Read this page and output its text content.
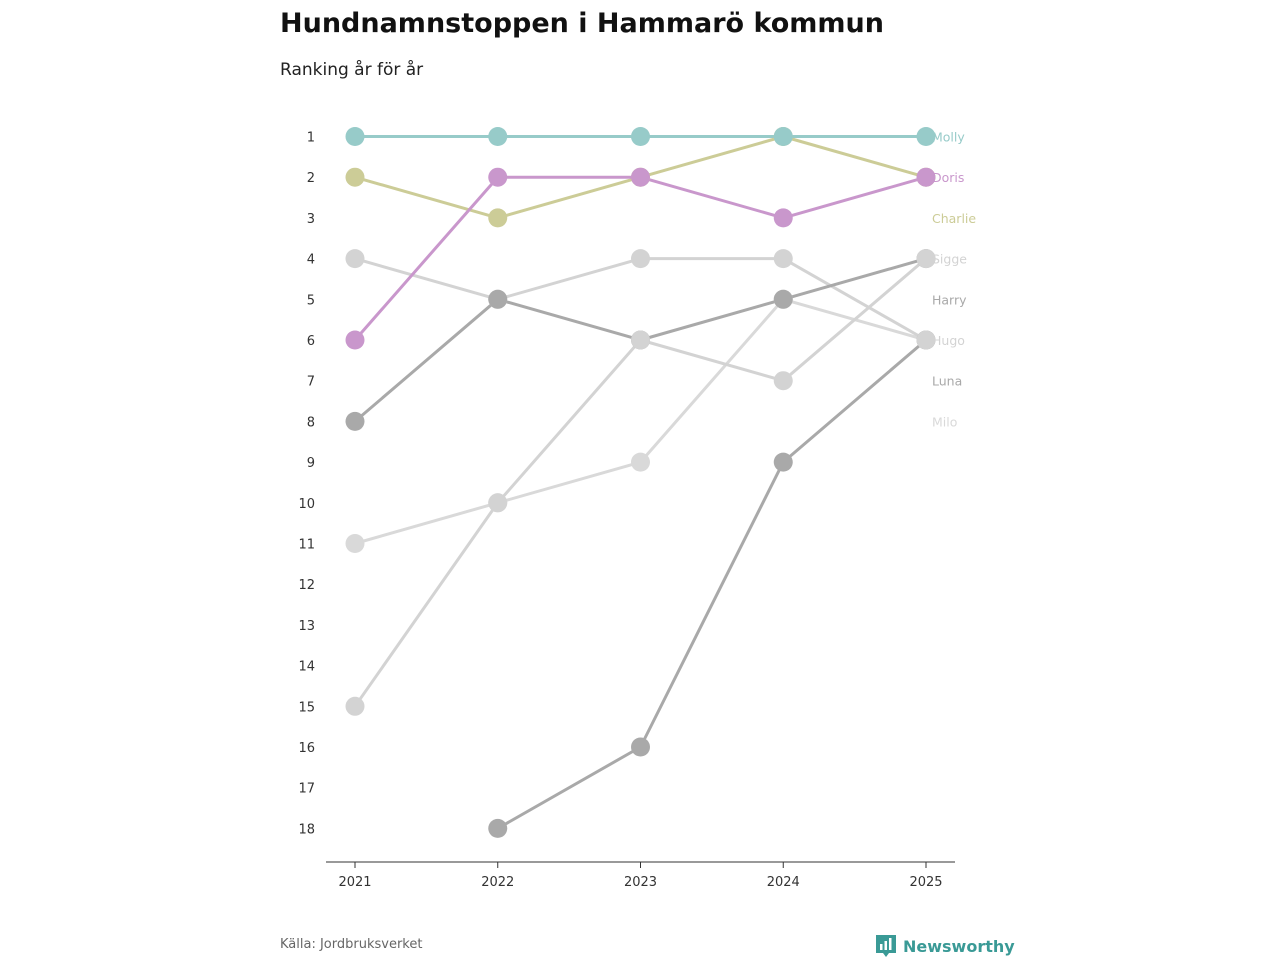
Hundnamnstoppen i Hammarö kommun
Ranking år för år
1
2
3
4
5
6
7
8
9
10
11
12
13
14
15
16
17
18
Molly
Doris
Charlie
Sigge
Harry
Hugo
Luna
Milo
2021	2022	2023	2024	2025
Källa: Jordbruksverket	Newsworthy
